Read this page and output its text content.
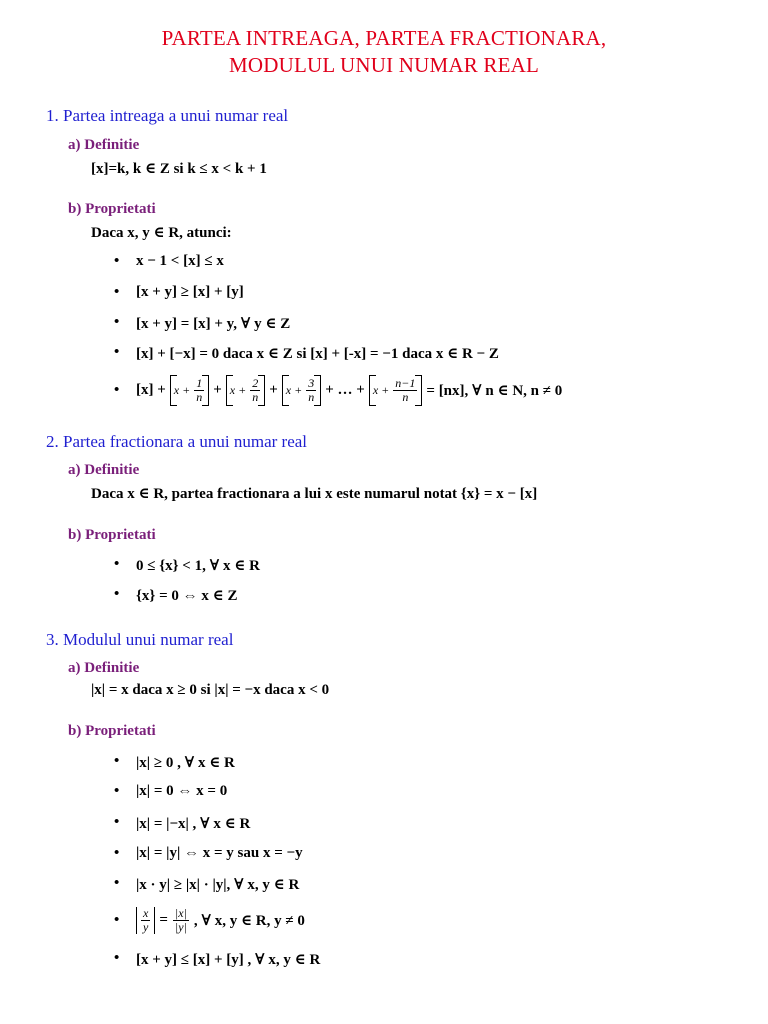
PARTEA INTREAGA, PARTEA FRACTIONARA,
MODULUL UNUI NUMAR REAL
1. Partea intreaga a unui numar real
a) Definitie
[x]=k, k ∈ Z si k ≤ x < k + 1
b) Proprietati
Daca x, y ∈ R, atunci:
• x − 1 < [x] ≤ x
• [x + y] ≥ [x] + [y]
• [x + y] = [x] + y, ∀ y ∈ Z
• [x] + [−x] = 0 daca x ∈ Z si [x] + [-x] = −1 daca x ∈ R − Z
• $[x] + x + \frac{1}{n} + x + \frac{2}{n} + x + \frac{3}{n}$ + … + $x + \frac{n-1}{n} = [nx]$, ∀ n ∈ N, n ≠ 0
2. Partea fractionara a unui numar real
a) Definitie
Daca x ∈ R, partea fractionara a lui x este numarul notat {x} = x − [x]
b) Proprietati
• 0 ≤ {x} < 1, ∀ x ∈ R
• {x} = 0 ⇔ x ∈ Z
3. Modulul unui numar real
a) Definitie
|x| = x daca x ≥ 0 si |x| = −x daca x < 0
b) Proprietati
• |x| ≥ 0 , ∀ x ∈ R
• |x| = 0 ⇔ x = 0
• |x| = |−x| , ∀ x ∈ R
• |x| = |y| ⇔ x = y sau x = −y
• |x · y| ≥ |x| · |y|, ∀ x, y ∈ R
• $\frac{x}{y} = \frac{|x|}{|y|}$ , ∀ x, y ∈ R, y ≠ 0
• [x + y] ≤ [x] + [y] , ∀ x, y ∈ R
